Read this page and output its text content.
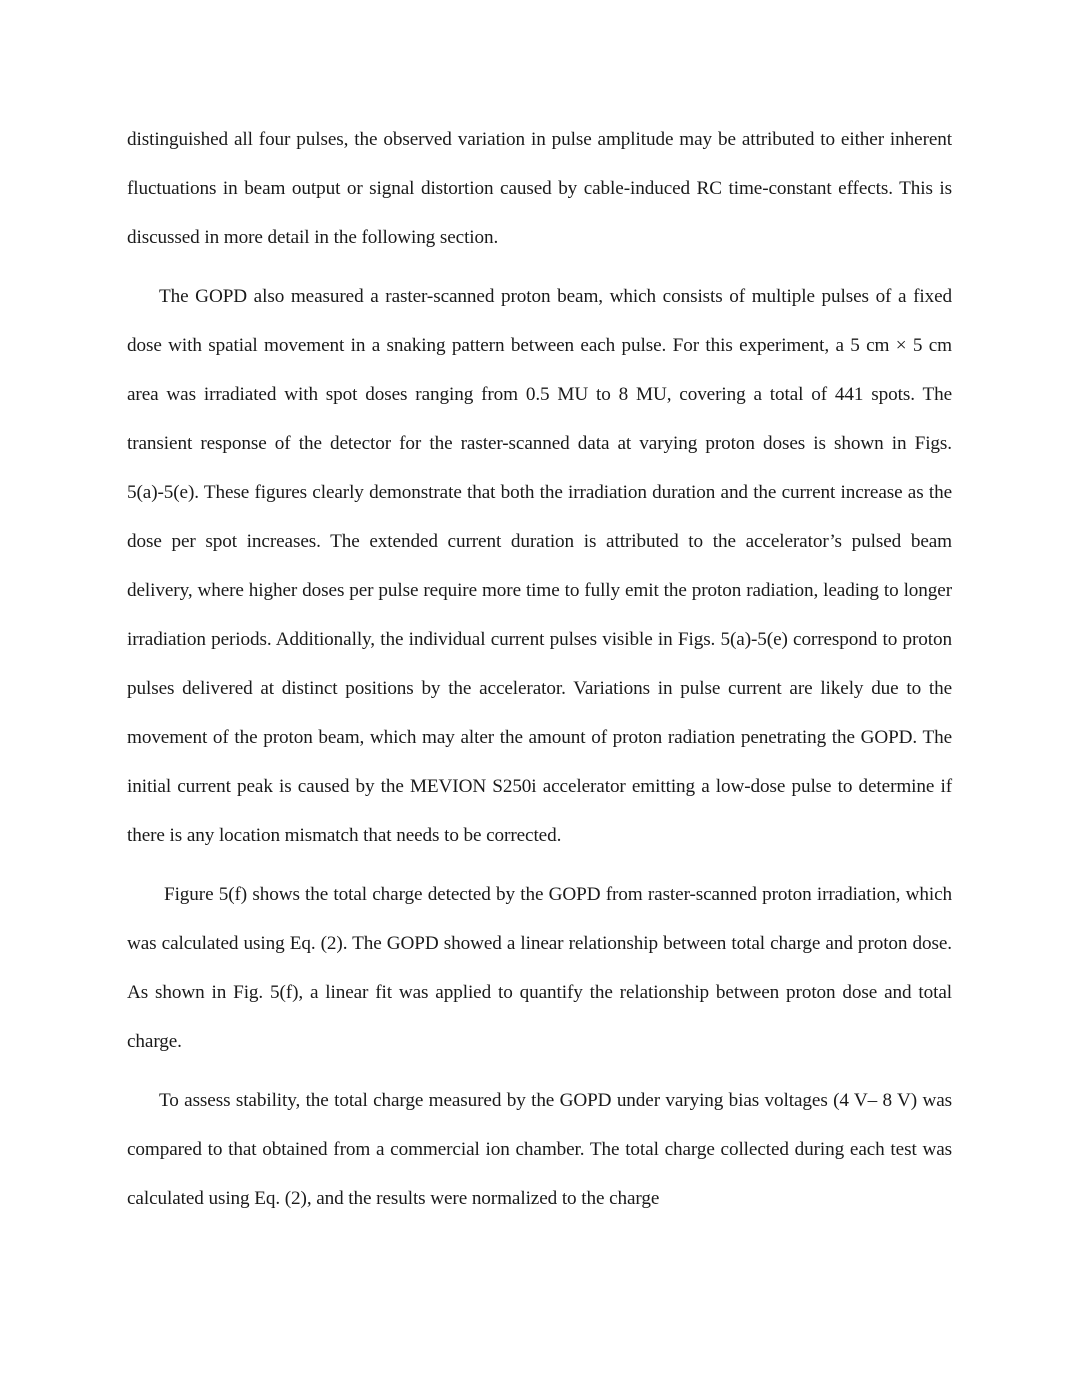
distinguished all four pulses, the observed variation in pulse amplitude may be attributed to either inherent fluctuations in beam output or signal distortion caused by cable-induced RC time-constant effects. This is discussed in more detail in the following section.

The GOPD also measured a raster-scanned proton beam, which consists of multiple pulses of a fixed dose with spatial movement in a snaking pattern between each pulse. For this experiment, a 5 cm × 5 cm area was irradiated with spot doses ranging from 0.5 MU to 8 MU, covering a total of 441 spots. The transient response of the detector for the raster-scanned data at varying proton doses is shown in Figs. 5(a)-5(e). These figures clearly demonstrate that both the irradiation duration and the current increase as the dose per spot increases. The extended current duration is attributed to the accelerator’s pulsed beam delivery, where higher doses per pulse require more time to fully emit the proton radiation, leading to longer irradiation periods. Additionally, the individual current pulses visible in Figs. 5(a)-5(e) correspond to proton pulses delivered at distinct positions by the accelerator. Variations in pulse current are likely due to the movement of the proton beam, which may alter the amount of proton radiation penetrating the GOPD. The initial current peak is caused by the MEVION S250i accelerator emitting a low-dose pulse to determine if there is any location mismatch that needs to be corrected.

Figure 5(f) shows the total charge detected by the GOPD from raster-scanned proton irradiation, which was calculated using Eq. (2). The GOPD showed a linear relationship between total charge and proton dose. As shown in Fig. 5(f), a linear fit was applied to quantify the relationship between proton dose and total charge.

To assess stability, the total charge measured by the GOPD under varying bias voltages (4 V– 8 V) was compared to that obtained from a commercial ion chamber. The total charge collected during each test was calculated using Eq. (2), and the results were normalized to the charge
